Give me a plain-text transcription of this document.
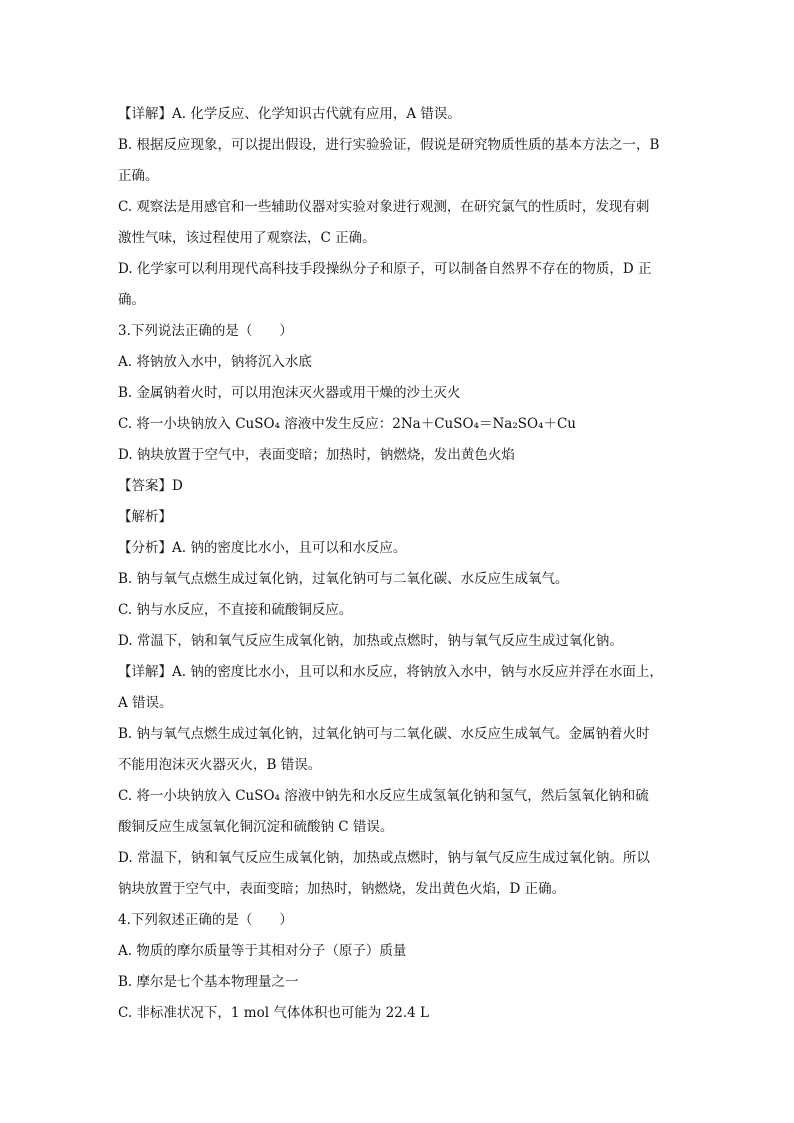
【详解】A. 化学反应、化学知识古代就有应用，A 错误。
B. 根据反应现象，可以提出假设，进行实验验证，假说是研究物质性质的基本方法之一，B
正确。
C. 观察法是用感官和一些辅助仪器对实验对象进行观测，在研究氯气的性质时，发现有刺
激性气味，该过程使用了观察法，C 正确。
D. 化学家可以利用现代高科技手段操纵分子和原子，可以制备自然界不存在的物质，D 正
确。
3.下列说法正确的是（　　）
A. 将钠放入水中，钠将沉入水底
B. 金属钠着火时，可以用泡沫灭火器或用干燥的沙土灭火
C. 将一小块钠放入 CuSO₄ 溶液中发生反应：2Na＋CuSO₄＝Na₂SO₄＋Cu
D. 钠块放置于空气中，表面变暗；加热时，钠燃烧，发出黄色火焰
【答案】D
【解析】
【分析】A. 钠的密度比水小，且可以和水反应。
B. 钠与氧气点燃生成过氧化钠，过氧化钠可与二氧化碳、水反应生成氧气。
C. 钠与水反应，不直接和硫酸铜反应。
D. 常温下，钠和氧气反应生成氧化钠，加热或点燃时，钠与氧气反应生成过氧化钠。
【详解】A. 钠的密度比水小，且可以和水反应，将钠放入水中，钠与水反应并浮在水面上，
A 错误。
B. 钠与氧气点燃生成过氧化钠，过氧化钠可与二氧化碳、水反应生成氧气。金属钠着火时
不能用泡沫灭火器灭火，B 错误。
C. 将一小块钠放入 CuSO₄ 溶液中钠先和水反应生成氢氧化钠和氢气，然后氢氧化钠和硫
酸铜反应生成氢氧化铜沉淀和硫酸钠 C 错误。
D. 常温下，钠和氧气反应生成氧化钠，加热或点燃时，钠与氧气反应生成过氧化钠。所以
钠块放置于空气中，表面变暗；加热时，钠燃烧，发出黄色火焰，D 正确。
4.下列叙述正确的是（　　）
A. 物质的摩尔质量等于其相对分子（原子）质量
B. 摩尔是七个基本物理量之一
C. 非标准状况下，1 mol 气体体积也可能为 22.4 L
